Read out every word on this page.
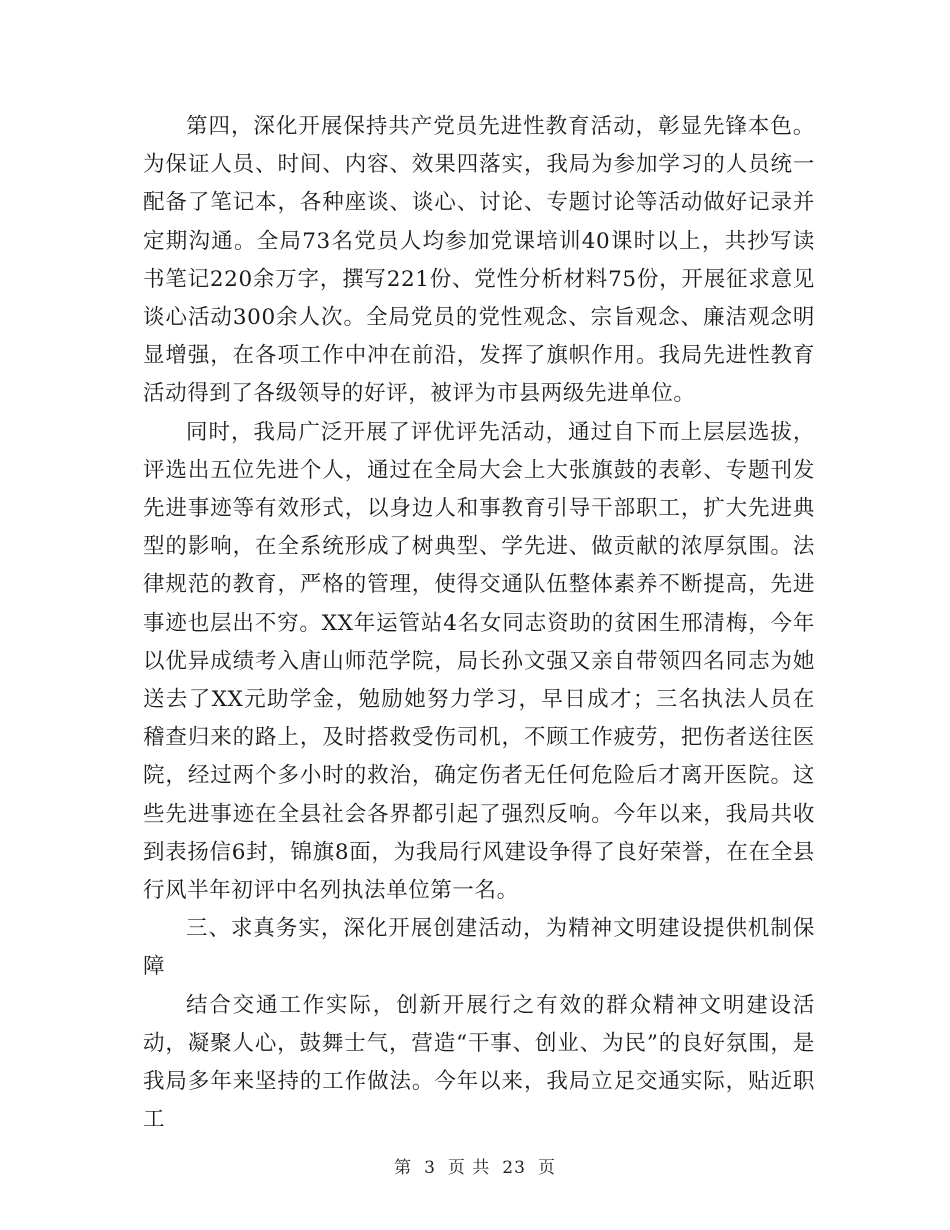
第四，深化开展保持共产党员先进性教育活动，彰显先锋本色。为保证人员、时间、内容、效果四落实，我局为参加学习的人员统一配备了笔记本，各种座谈、谈心、讨论、专题讨论等活动做好记录并定期沟通。全局73名党员人均参加党课培训40课时以上，共抄写读书笔记220余万字，撰写221份、党性分析材料75份，开展征求意见谈心活动300余人次。全局党员的党性观念、宗旨观念、廉洁观念明显增强，在各项工作中冲在前沿，发挥了旗帜作用。我局先进性教育活动得到了各级领导的好评，被评为市县两级先进单位。

同时，我局广泛开展了评优评先活动，通过自下而上层层选拔，评选出五位先进个人，通过在全局大会上大张旗鼓的表彰、专题刊发先进事迹等有效形式，以身边人和事教育引导干部职工，扩大先进典型的影响，在全系统形成了树典型、学先进、做贡献的浓厚氛围。法律规范的教育，严格的管理，使得交通队伍整体素养不断提高，先进事迹也层出不穷。XX年运管站4名女同志资助的贫困生邢清梅，今年以优异成绩考入唐山师范学院，局长孙文强又亲自带领四名同志为她送去了XX元助学金，勉励她努力学习，早日成才；三名执法人员在稽查归来的路上，及时搭救受伤司机，不顾工作疲劳，把伤者送往医院，经过两个多小时的救治，确定伤者无任何危险后才离开医院。这些先进事迹在全县社会各界都引起了强烈反响。今年以来，我局共收到表扬信6封，锦旗8面，为我局行风建设争得了良好荣誉，在在全县行风半年初评中名列执法单位第一名。

三、求真务实，深化开展创建活动，为精神文明建设提供机制保障

结合交通工作实际，创新开展行之有效的群众精神文明建设活动，凝聚人心，鼓舞士气，营造“干事、创业、为民”的良好氛围，是我局多年来坚持的工作做法。今年以来，我局立足交通实际，贴近职工

第 3 页 共 23 页
